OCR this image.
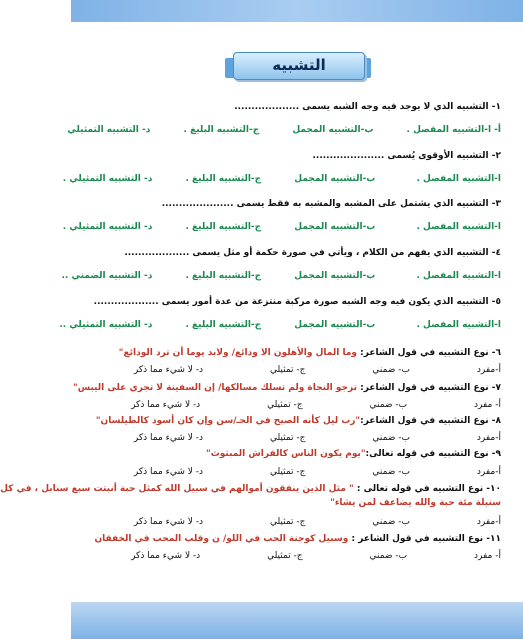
التشبيه
١- التشبيه الذي لا يوجد فيه وجه الشبه يسمى ...................
أ- ا-التشبيه المفصل . ب-التشبيه المجمل ج-التشبيه البليغ . د- التشبيه التمثيلي
٢- التشبيه الأوقوى يُسمى .....................
ا-التشبيه المفصل . ب-التشبيه المجمل ج-التشبيه البليغ . د- التشبيه التمثيلي .
٣- التشبيه الذي يشتمل على المشبه والمشبه به فقط يسمى .....................
ا-التشبيه المفصل . ب-التشبيه المجمل ج-التشبيه البليغ . د- التشبيه التمثيلي .
٤- التشبيه الذي يفهم من الكلام ، ويأتي في صورة حكمة أو مثل يسمى ...................
ا-التشبيه المفصل . ب-التشبيه المجمل ج-التشبيه البليغ . د- التشبيه الضمني ..
٥- التشبيه الذي يكون فيه وجه الشبه صورة مركبة منتزعة من عدة أمور يسمى ...................
ا-التشبيه المفصل . ب-التشبيه المجمل ج-التشبيه البليغ . د- التشبيه التمثيلي ..
٦- نوع التشبيه في قول الشاعر: وما المال والأهلون الا ودائع/ ولابد يوما أن ترد الودائع"
أ-مفرد ب- ضمني ج- تمثيلي د- لا شيء مما ذكر
٧- نوع التشبيه في قول الشاعر: ترجو النجاة ولم تسلك مسالكها/ إن السفينة لا تجري على اليبس"
أ- مفرد ب- ضمني ج- تمثيلي د- لا شيء مما ذكر
٨- نوع التشبيه في قول الشاعر:"رب ليل كأنه الصبح في الحـ/سن وإن كان أسود كالطيلسان"
أ-مفرد ب- ضمني ج- تمثيلي د- لا شيء مما ذكر
٩- نوع التشبيه في قوله تعالى:"يوم يكون الناس كالفراش المبثوث"
أ-مفرد ب- ضمني ج- تمثيلي د- لا شيء مما ذكر
١٠- نوع التشبيه في قوله تعالى : " مثل الذين ينفقون أموالهم في سبيل الله كمثل حبة أنبتت سبع سنابل ، في كل
سنبلة مئة حبة والله يضاعف لمن يشاء"
أ-مفرد ب- ضمني ج- تمثيلي د- لا شيء مما ذكر
١١- نوع التشبيه في قول الشاعر : وسبيل كوجنة الحب في اللو/ ن وقلب المحب في الخفقان
أ- مفرد ب- ضمني ج- تمثيلي د- لا شيء مما ذكر
